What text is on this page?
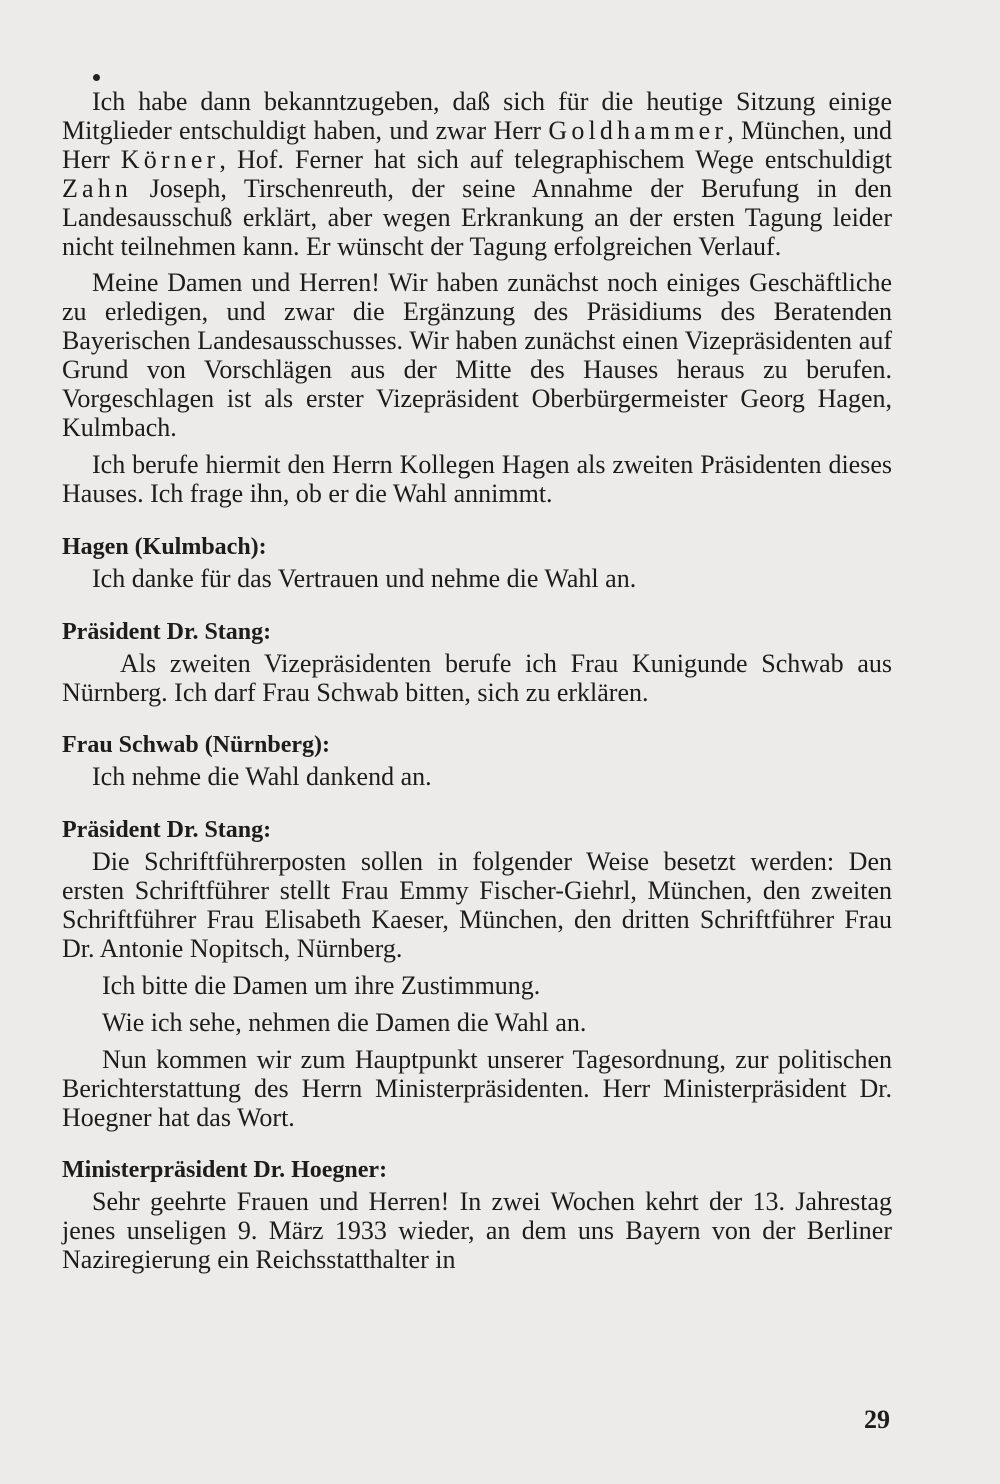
Ich habe dann bekanntzugeben, daß sich für die heutige Sitzung einige Mitglieder entschuldigt haben, und zwar Herr Goldhammer, München, und Herr Körner, Hof. Ferner hat sich auf telegraphischem Wege entschuldigt Zahn Joseph, Tirschenreuth, der seine Annahme der Berufung in den Landesausschuß erklärt, aber wegen Erkrankung an der ersten Tagung leider nicht teilnehmen kann. Er wünscht der Tagung erfolgreichen Verlauf.

Meine Damen und Herren! Wir haben zunächst noch einiges Geschäftliche zu erledigen, und zwar die Ergänzung des Präsidiums des Beratenden Bayerischen Landesausschusses. Wir haben zunächst einen Vizepräsidenten auf Grund von Vorschlägen aus der Mitte des Hauses heraus zu berufen. Vorgeschlagen ist als erster Vizepräsident Oberbürgermeister Georg Hagen, Kulmbach.

Ich berufe hiermit den Herrn Kollegen Hagen als zweiten Präsidenten dieses Hauses. Ich frage ihn, ob er die Wahl annimmt.

Hagen (Kulmbach):

Ich danke für das Vertrauen und nehme die Wahl an.

Präsident Dr. Stang:

Als zweiten Vizepräsidenten berufe ich Frau Kunigunde Schwab aus Nürnberg. Ich darf Frau Schwab bitten, sich zu erklären.

Frau Schwab (Nürnberg):

Ich nehme die Wahl dankend an.

Präsident Dr. Stang:

Die Schriftführerposten sollen in folgender Weise besetzt werden: Den ersten Schriftführer stellt Frau Emmy Fischer-Giehrl, München, den zweiten Schriftführer Frau Elisabeth Kaeser, München, den dritten Schriftführer Frau Dr. Antonie Nopitsch, Nürnberg.

Ich bitte die Damen um ihre Zustimmung.

Wie ich sehe, nehmen die Damen die Wahl an.

Nun kommen wir zum Hauptpunkt unserer Tagesordnung, zur politischen Berichterstattung des Herrn Ministerpräsidenten. Herr Ministerpräsident Dr. Hoegner hat das Wort.

Ministerpräsident Dr. Hoegner:

Sehr geehrte Frauen und Herren! In zwei Wochen kehrt der 13. Jahrestag jenes unseligen 9. März 1933 wieder, an dem uns Bayern von der Berliner Naziregierung ein Reichsstatthalter in

29
